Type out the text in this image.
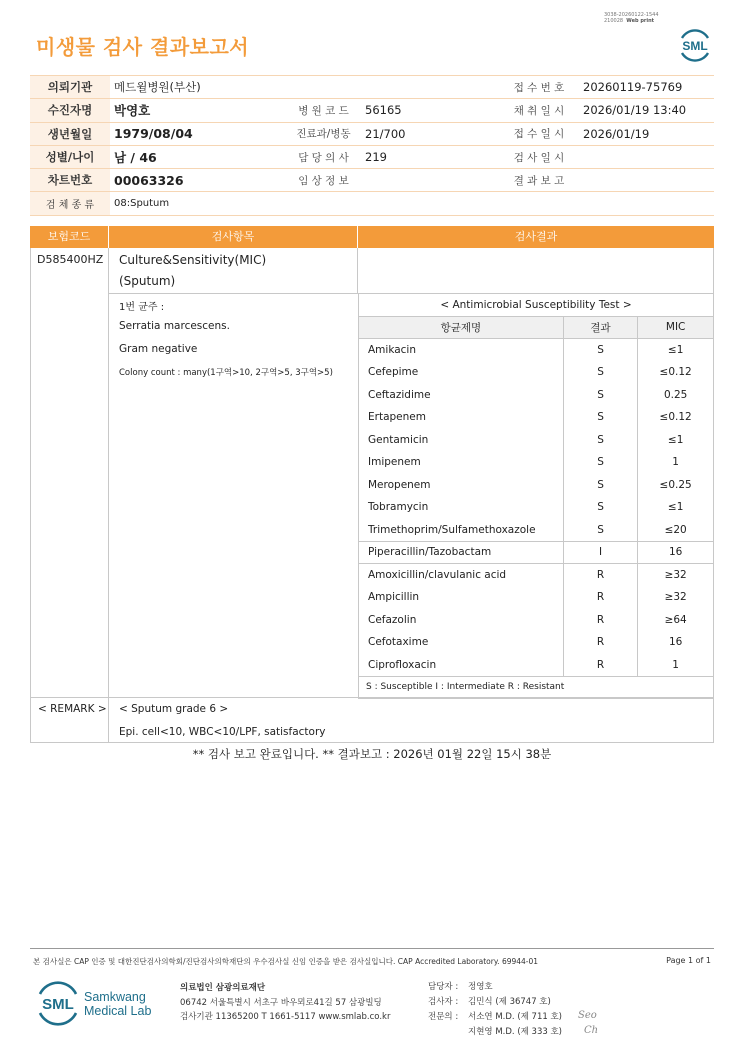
3038-20260122-1544
210028 Web print
미생물 검사 결과보고서	SML
의뢰기관	메드윌병원(부산)			접 수 번 호	20260119-75769
수진자명	박영호	병 원 코 드	56165	채 취 일 시	2026/01/19 13:40
생년월일	1979/08/04	진료과/병동	21/700	접 수 일 시	2026/01/19
성별/나이	남 / 46	담 당 의 사	219	검 사 일 시	
차트번호	00063326	임 상 정 보		결 과 보 고	
검 체 종 류	08:Sputum				
보험코드	검사항목	검사결과
D585400HZ Culture&Sensitivity(MIC)
(Sputum)
1번 균주 :
Serratia marcescens.
Gram negative
Colony count : many(1구역>10, 2구역>5, 3구역>5)
< Antimicrobial Susceptibility Test >		
항균제명	결과	MIC
Amikacin	S	≤1
Cefepime	S	≤0.12
Ceftazidime	S	0.25
Ertapenem	S	≤0.12
Gentamicin	S	≤1
Imipenem	S	1
Meropenem	S	≤0.25
Tobramycin	S	≤1
Trimethoprim/Sulfamethoxazole	S	≤20
Piperacillin/Tazobactam	I	16
Amoxicillin/clavulanic acid	R	≥32
Ampicillin	R	≥32
Cefazolin	R	≥64
Cefotaxime	R	16
Ciprofloxacin	R	1
S : Susceptible I : Intermediate R : Resistant		
< REMARK > < Sputum grade 6 >
Epi. cell<10, WBC<10/LPF, satisfactory
** 검사 보고 완료입니다. ** 결과보고 : 2026년 01월 22일 15시 38분
본 검사실은 CAP 인증 및 대한진단검사의학회/진단검사의학재단의 우수검사실 신임 인증을 받은 검사실입니다. CAP Accredited Laboratory. 69944-01	Page 1 of 1
SML Samkwang
Medical Lab
의료법인 삼광의료재단
06742 서울특별시 서초구 바우뫼로41길 57 삼광빌딩
검사기관 11365200 T 1661-5117 www.smlab.co.kr
담당자 : 정영호
검사자 : 김민식 (제 36747 호)
전문의 : 서소연 M.D. (제 711 호)
지현영 M.D. (제 333 호)
Seo
Ch
